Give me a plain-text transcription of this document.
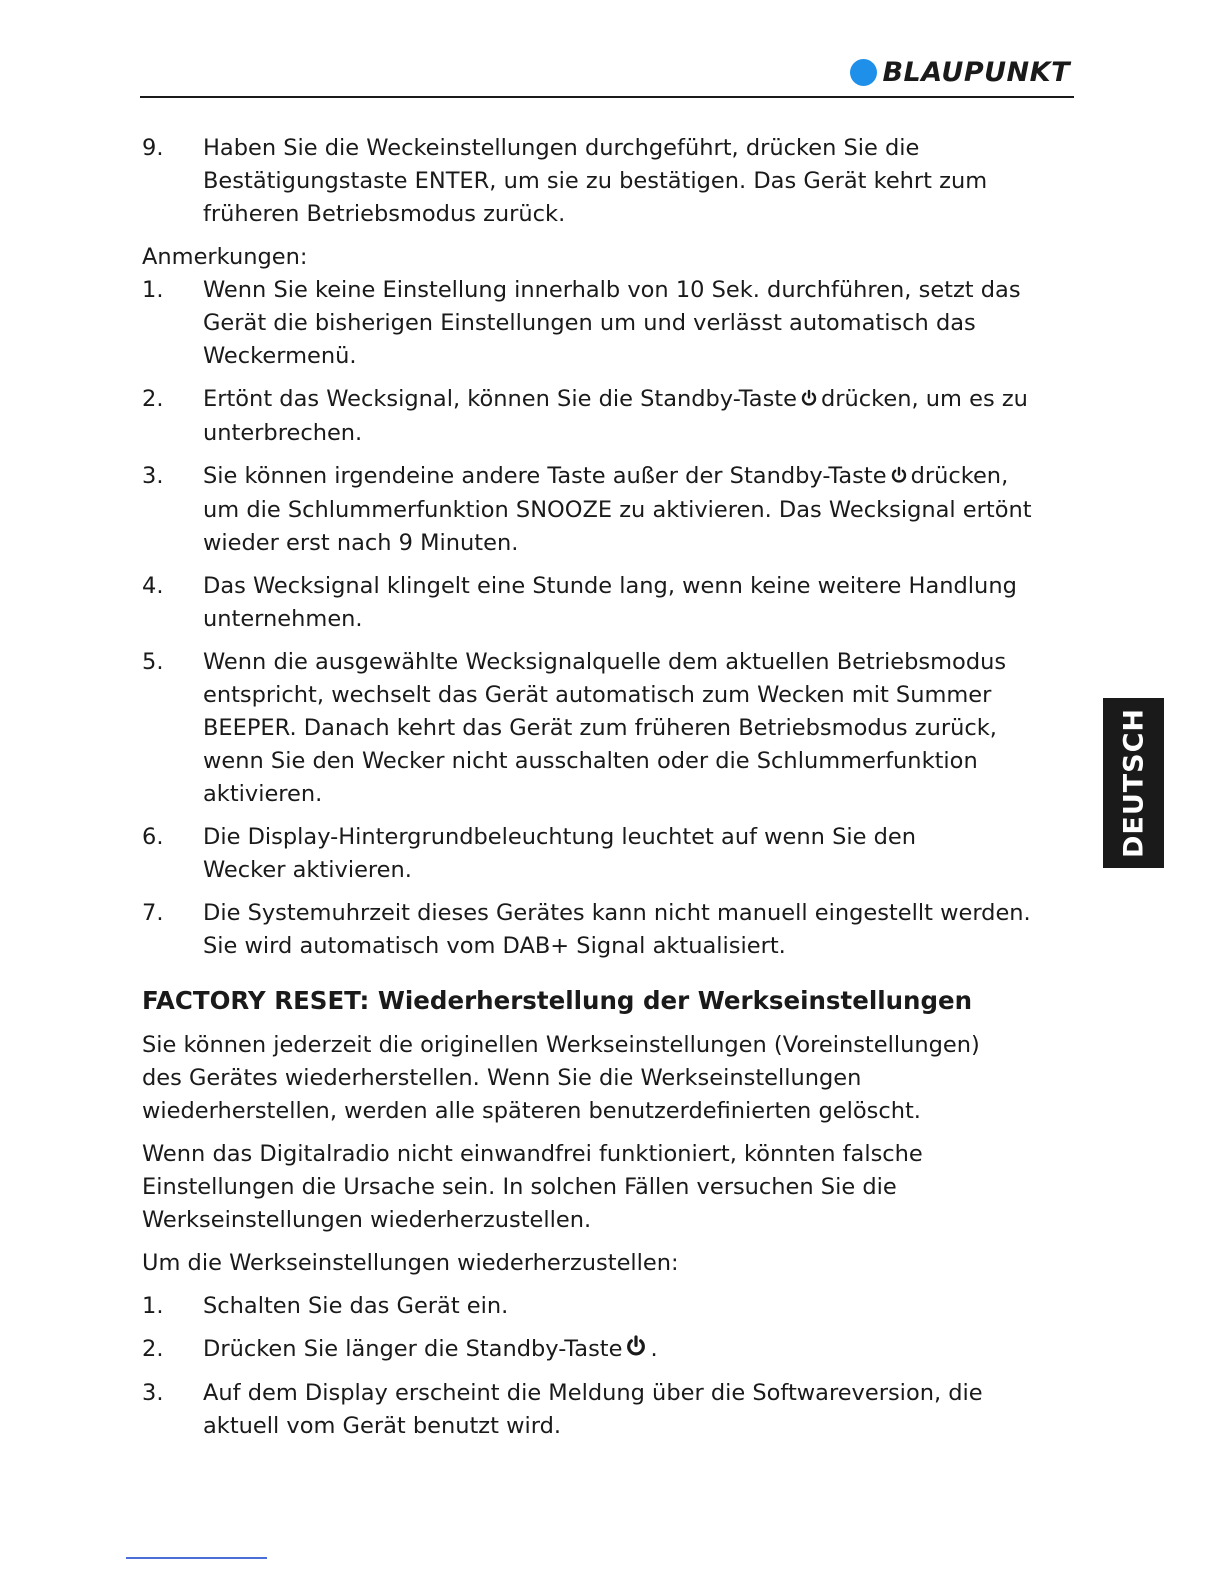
BLAUPUNKT
DEUTSCH
9.	Haben Sie die Weckeinstellungen durchgeführt, drücken Sie die

Bestätigungstaste ENTER, um sie zu bestätigen. Das Gerät kehrt zum

früheren Betriebsmodus zurück.

Anmerkungen:

1.	Wenn Sie keine Einstellung innerhalb von 10 Sek. durchführen, setzt das

Gerät die bisherigen Einstellungen um und verlässt automatisch das

Weckermenü.

2.	Ertönt das Wecksignal, können Sie die Standby-Taste drücken, um es zu

unterbrechen.

3.	Sie können irgendeine andere Taste außer der Standby-Taste drücken,

um die Schlummerfunktion SNOOZE zu aktivieren. Das Wecksignal ertönt

wieder erst nach 9 Minuten.

4.	Das Wecksignal klingelt eine Stunde lang, wenn keine weitere Handlung

unternehmen.

5.	Wenn die ausgewählte Wecksignalquelle dem aktuellen Betriebsmodus

entspricht, wechselt das Gerät automatisch zum Wecken mit Summer

BEEPER. Danach kehrt das Gerät zum früheren Betriebsmodus zurück,

wenn Sie den Wecker nicht ausschalten oder die Schlummerfunktion

aktivieren.

6.	Die Display-Hintergrundbeleuchtung leuchtet auf wenn Sie den

Wecker aktivieren.

7.	Die Systemuhrzeit dieses Gerätes kann nicht manuell eingestellt werden.

Sie wird automatisch vom DAB+ Signal aktualisiert.

FACTORY RESET: Wiederherstellung der Werkseinstellungen

Sie können jederzeit die originellen Werkseinstellungen (Voreinstellungen)

des Gerätes wiederherstellen. Wenn Sie die Werkseinstellungen

wiederherstellen, werden alle späteren benutzerdefinierten gelöscht.

Wenn das Digitalradio nicht einwandfrei funktioniert, könnten falsche

Einstellungen die Ursache sein. In solchen Fällen versuchen Sie die

Werkseinstellungen wiederherzustellen.

Um die Werkseinstellungen wiederherzustellen:
1.	Schalten Sie das Gerät ein.

2.	Drücken Sie länger die Standby-Taste .

3.	Auf dem Display erscheint die Meldung über die Softwareversion, die

aktuell vom Gerät benutzt wird.
